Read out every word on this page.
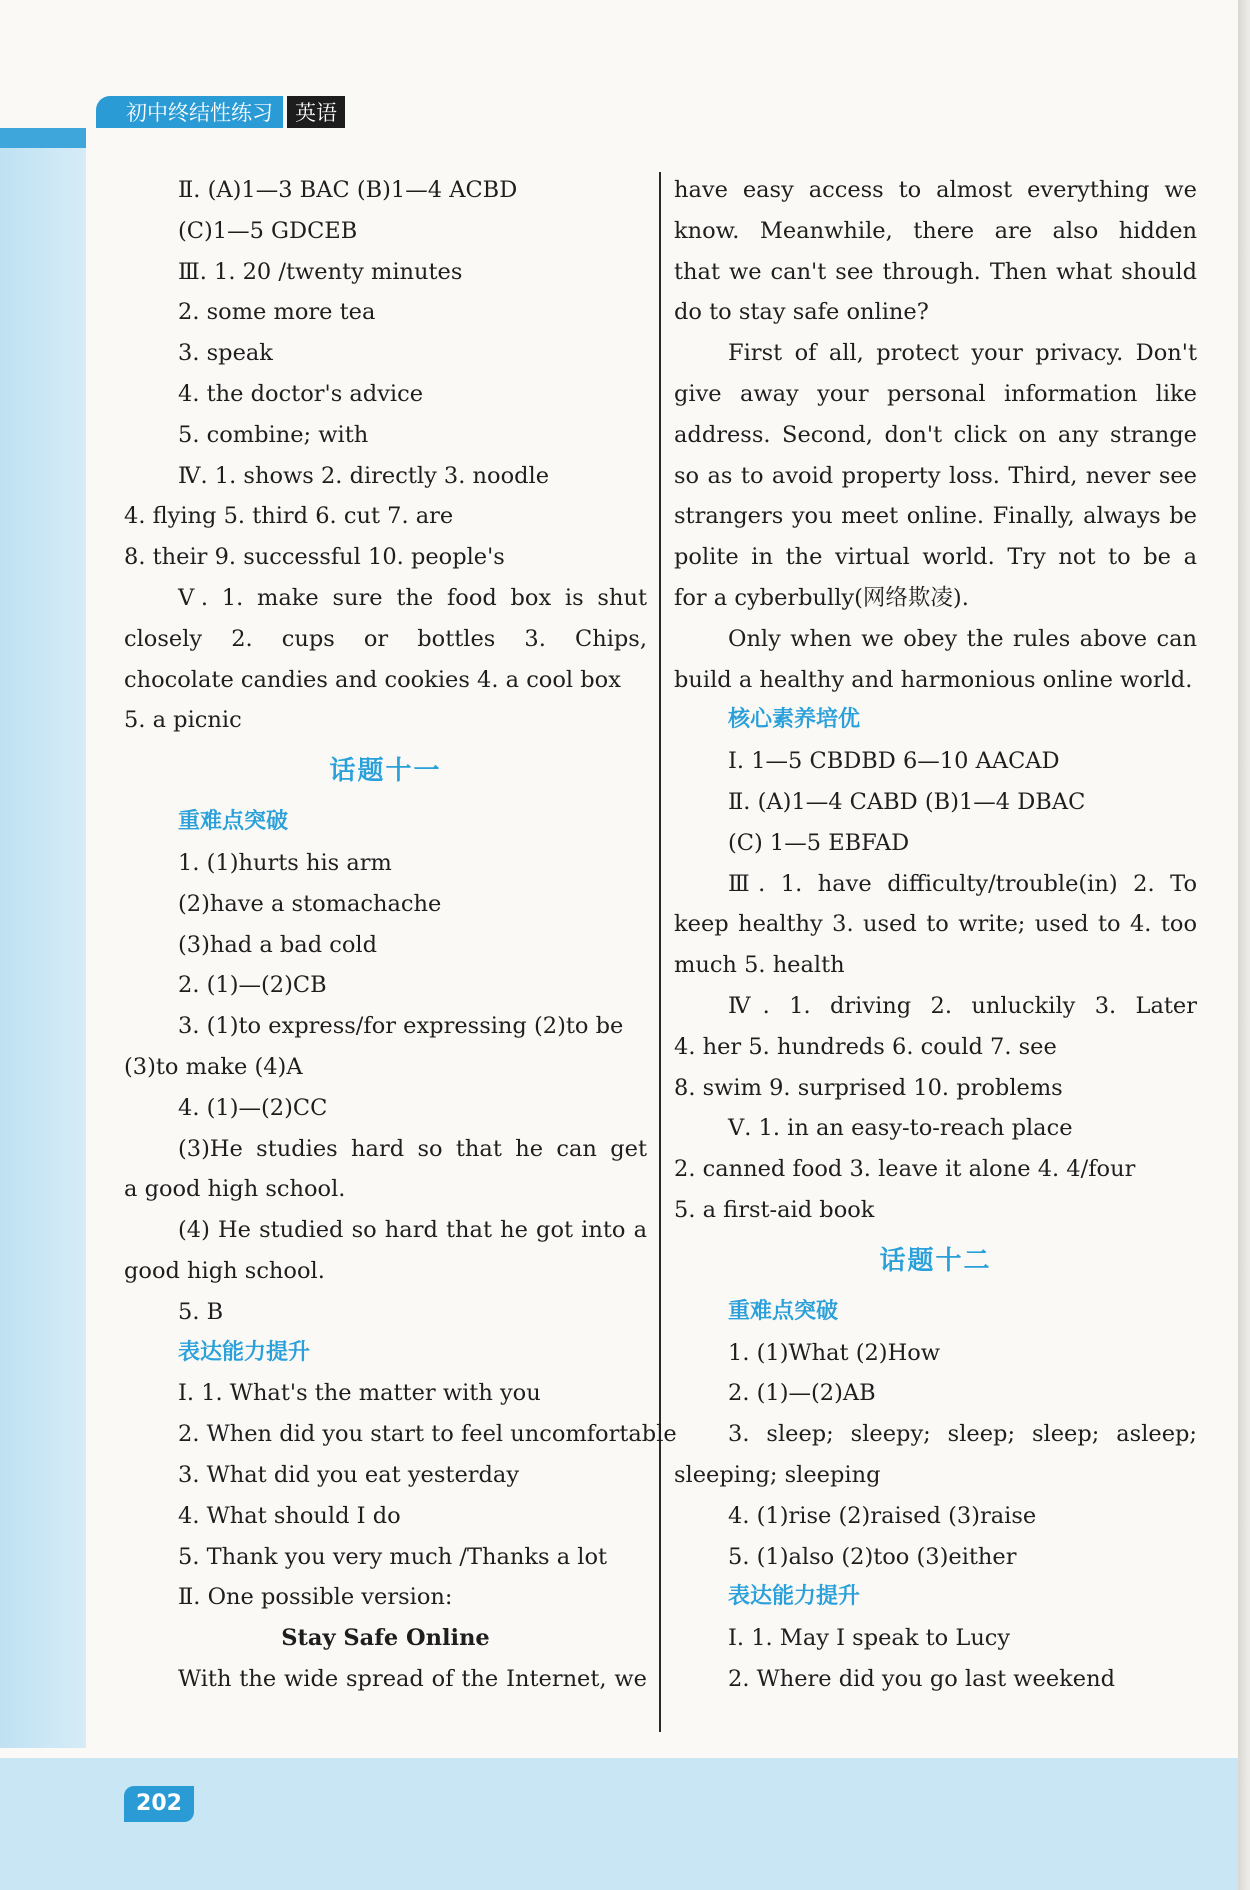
初中终结性练习	英语
Ⅱ. (A)1—3 BAC (B)1—4 ACBD
(C)1—5 GDCEB
Ⅲ. 1. 20 /twenty minutes
2. some more tea
3. speak
4. the doctor's advice
5. combine; with
Ⅳ. 1. shows 2. directly 3. noodle
4. flying 5. third 6. cut 7. are
8. their 9. successful 10. people's
Ⅴ. 1. make sure the food box is shut
closely 2. cups or bottles 3. Chips,
chocolate candies and cookies 4. a cool box
5. a picnic
话题十一
重难点突破
1. (1)hurts his arm
(2)have a stomachache
(3)had a bad cold
2. (1)—(2)CB
3. (1)to express/for expressing (2)to be
(3)to make (4)A
4. (1)—(2)CC
(3)He studies hard so that he can get
a good high school.
(4) He studied so hard that he got into a
good high school.
5. B
表达能力提升
Ⅰ. 1. What's the matter with you
2. When did you start to feel uncomfortable
3. What did you eat yesterday
4. What should I do
5. Thank you very much /Thanks a lot
Ⅱ. One possible version:
Stay Safe Online
With the wide spread of the Internet, we
have easy access to almost everything we
know. Meanwhile, there are also hidden
that we can't see through. Then what should
do to stay safe online?
First of all, protect your privacy. Don't
give away your personal information like
address. Second, don't click on any strange
so as to avoid property loss. Third, never see
strangers you meet online. Finally, always be
polite in the virtual world. Try not to be a
for a cyberbully(网络欺凌).
Only when we obey the rules above can
build a healthy and harmonious online world.
核心素养培优
Ⅰ. 1—5 CBDBD 6—10 AACAD
Ⅱ. (A)1—4 CABD (B)1—4 DBAC
(C) 1—5 EBFAD
Ⅲ. 1. have difficulty/trouble(in) 2. To
keep healthy 3. used to write; used to 4. too
much 5. health
Ⅳ. 1. driving 2. unluckily 3. Later
4. her 5. hundreds 6. could 7. see
8. swim 9. surprised 10. problems
Ⅴ. 1. in an easy-to-reach place
2. canned food 3. leave it alone 4. 4/four
5. a first-aid book
话题十二
重难点突破
1. (1)What (2)How
2. (1)—(2)AB
3. sleep; sleepy; sleep; sleep; asleep;
sleeping; sleeping
4. (1)rise (2)raised (3)raise
5. (1)also (2)too (3)either
表达能力提升
Ⅰ. 1. May I speak to Lucy
2. Where did you go last weekend
202
